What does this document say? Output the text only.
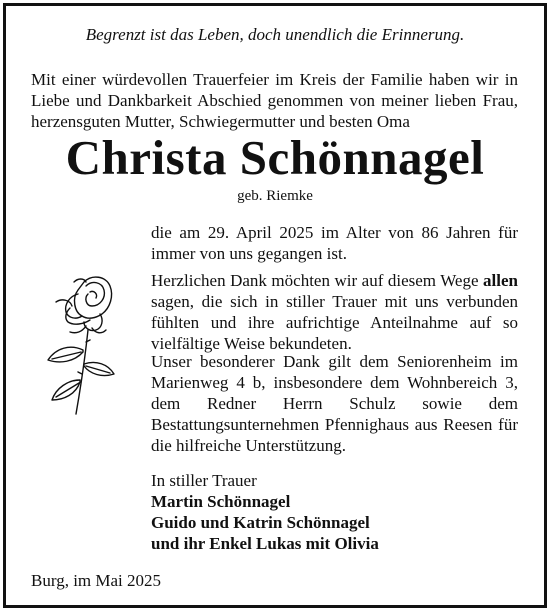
Begrenzt ist das Leben, doch unendlich die Erinnerung.

Mit einer würdevollen Trauerfeier im Kreis der Familie haben wir in Liebe und Dankbarkeit Abschied genommen von meiner lieben Frau, herzensguten Mutter, Schwiegermutter und besten Oma

Christa Schönnagel
geb. Riemke

die am 29. April 2025 im Alter von 86 Jahren für immer von uns gegangen ist.

Herzlichen Dank möchten wir auf diesem Wege allen sagen, die sich in stiller Trauer mit uns verbunden fühlten und ihre aufrichtige Anteilnahme auf so vielfältige Weise bekundeten.

Unser besonderer Dank gilt dem Seniorenheim im Marienweg 4 b, insbesondere dem Wohnbereich 3, dem Redner Herrn Schulz sowie dem Bestattungsunternehmen Pfennighaus aus Reesen für die hilfreiche Unterstützung.

In stiller Trauer
Martin Schönnagel
Guido und Katrin Schönnagel
und ihr Enkel Lukas mit Olivia
Burg, im Mai 2025
